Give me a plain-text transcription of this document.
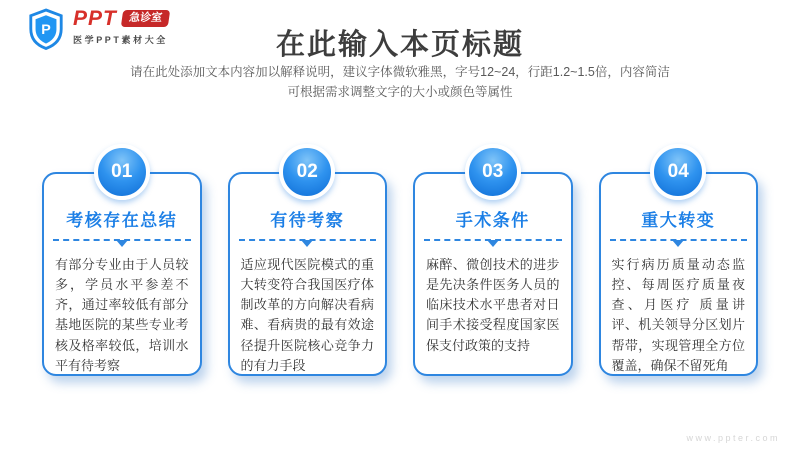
P
PPT	急诊室
医学PPT素材大全	在此输入本页标题
请在此处添加文本内容加以解释说明，建议字体微软雅黑，字号12~24，行距1.2~1.5倍，内容简洁
可根据需求调整文字的大小或颜色等属性
01
考核存在总结
有部分专业由于人员较多，学员水平参差不齐，通过率较低有部分基地医院的某些专业考核及格率较低，培训水平有待考察
02
有待考察
适应现代医院模式的重大转变符合我国医疗体制改革的方向解决看病难、看病贵的最有效途径提升医院核心竞争力的有力手段
03
手术条件
麻醉、微创技术的进步是先决条件医务人员的临床技术水平患者对日间手术接受程度国家医保支付政策的支持
04
重大转变
实行病历质量动态监控、每周医疗质量夜查、月医疗 质量讲评、机关领导分区划片帮带，实现管理全方位 覆盖，确保不留死角
www.ppter.com
